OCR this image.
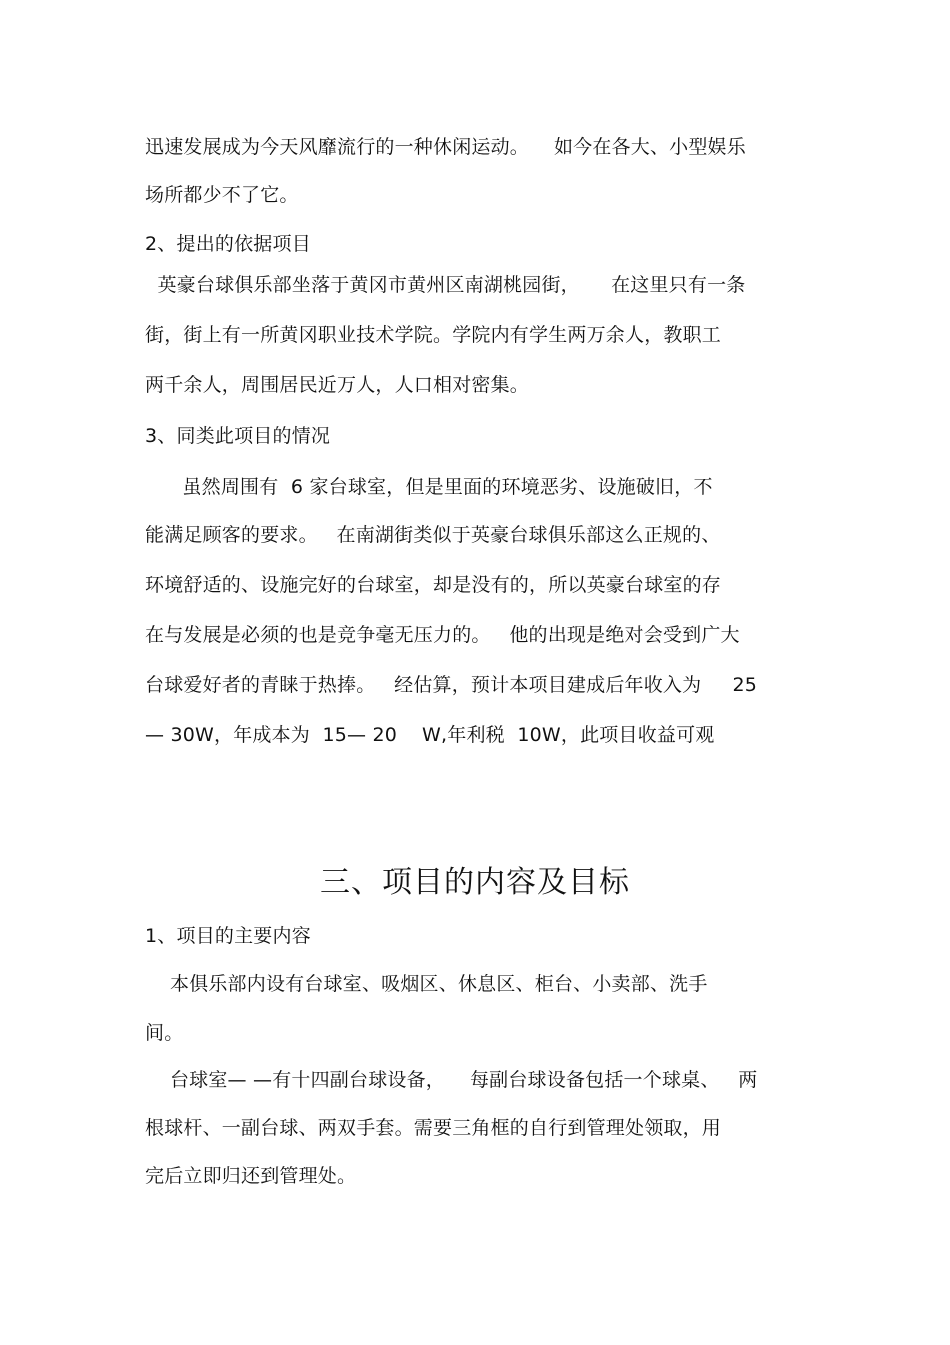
迅速发展成为今天风靡流行的一种休闲运动。    如今在各大、小型娱乐
场所都少不了它。
2、提出的依据项目
英豪台球俱乐部坐落于黄冈市黄州区南湖桃园街，     在这里只有一条
街，街上有一所黄冈职业技术学院。学院内有学生两万余人，教职工
两千余人，周围居民近万人，人口相对密集。
3、同类此项目的情况
虽然周围有  6 家台球室，但是里面的环境恶劣、设施破旧，不
能满足顾客的要求。   在南湖街类似于英豪台球俱乐部这么正规的、
环境舒适的、设施完好的台球室，却是没有的，所以英豪台球室的存
在与发展是必须的也是竞争毫无压力的。   他的出现是绝对会受到广大
台球爱好者的青睐于热捧。   经估算，预计本项目建成后年收入为     25
— 30W，年成本为  15— 20    W,年利税  10W，此项目收益可观
三、项目的内容及目标
1、项目的主要内容
本俱乐部内设有台球室、吸烟区、休息区、柜台、小卖部、洗手
间。
台球室— —有十四副台球设备，    每副台球设备包括一个球桌、   两
根球杆、一副台球、两双手套。需要三角框的自行到管理处领取，用
完后立即归还到管理处。
